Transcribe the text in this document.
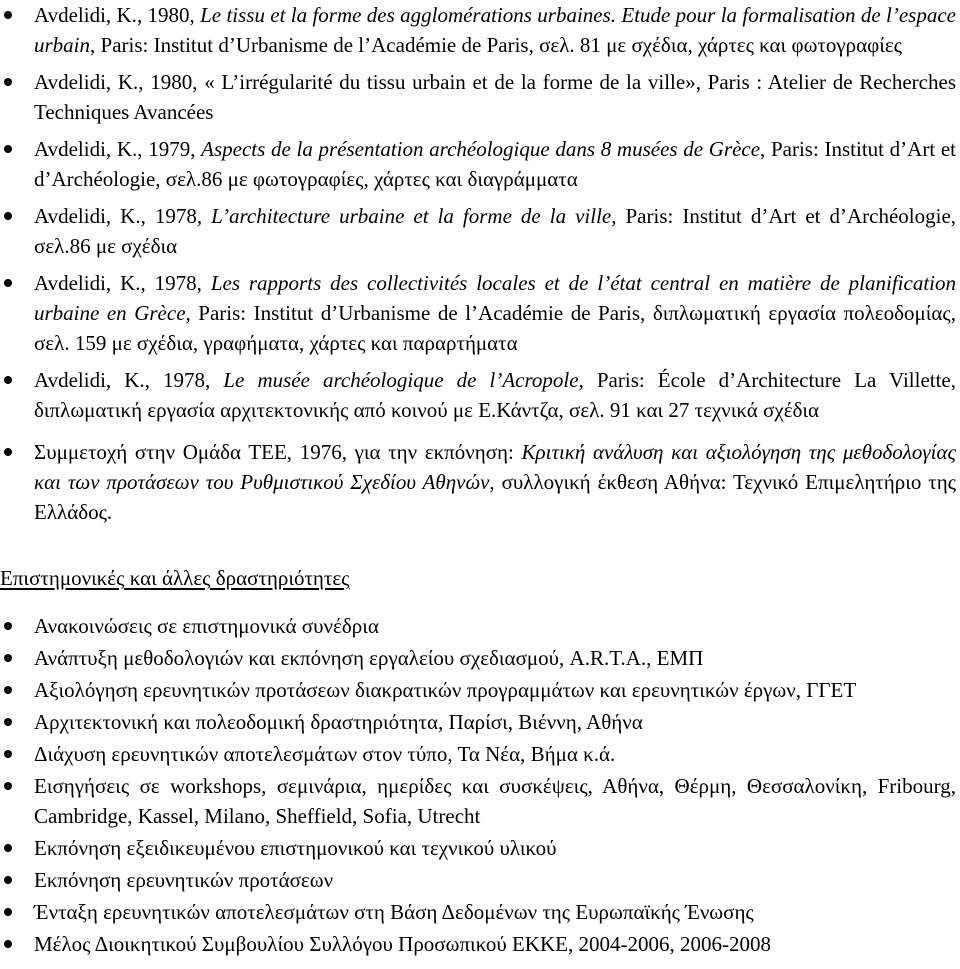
Avdelidi, K., 1980, Le tissu et la forme des agglomérations urbaines. Etude pour la formalisation de l’espace urbain, Paris: Institut d’Urbanisme de l’Académie de Paris, σελ. 81 με σχέδια, χάρτες και φωτογραφίες
Avdelidi, K., 1980, « L’irrégularité du tissu urbain et de la forme de la ville», Paris : Atelier de Recherches Techniques Avancées
Avdelidi, K., 1979, Aspects de la présentation archéologique dans 8 musées de Grèce, Paris: Institut d’Art et d’Archéologie, σελ.86 με φωτογραφίες, χάρτες και διαγράμματα
Avdelidi, K., 1978, L’architecture urbaine et la forme de la ville, Paris: Institut d’Art et d’Archéologie, σελ.86 με σχέδια
Avdelidi, K., 1978, Les rapports des collectivités locales et de l’état central en matière de planification urbaine en Grèce, Paris: Institut d’Urbanisme de l’Académie de Paris, διπλωματική εργασία πολεοδομίας, σελ. 159 με σχέδια, γραφήματα, χάρτες και παραρτήματα
Avdelidi, K., 1978, Le musée archéologique de l’Acropole, Paris: École d’Architecture La Villette, διπλωματική εργασία αρχιτεκτονικής από κοινού με Ε.Κάντζα, σελ. 91 και 27 τεχνικά σχέδια
Συμμετοχή στην Ομάδα ΤΕΕ, 1976, για την εκπόνηση: Κριτική ανάλυση και αξιολόγηση της μεθοδολογίας και των προτάσεων του Ρυθμιστικού Σχεδίου Αθηνών, συλλογική έκθεση Αθήνα: Τεχνικό Επιμελητήριο της Ελλάδος.
Επιστημονικές και άλλες δραστηριότητες
Ανακοινώσεις σε επιστημονικά συνέδρια
Ανάπτυξη μεθοδολογιών και εκπόνηση εργαλείου σχεδιασμού, A.R.T.A., ΕΜΠ
Αξιολόγηση ερευνητικών προτάσεων διακρατικών προγραμμάτων και ερευνητικών έργων, ΓΓΕΤ
Αρχιτεκτονική και πολεοδομική δραστηριότητα, Παρίσι, Βιέννη, Αθήνα
Διάχυση ερευνητικών αποτελεσμάτων στον τύπο, Τα Νέα, Βήμα κ.ά.
Εισηγήσεις σε workshops, σεμινάρια, ημερίδες και συσκέψεις, Αθήνα, Θέρμη, Θεσσαλονίκη, Fribourg, Cambridge, Kassel, Milano, Sheffield, Sofia, Utrecht
Εκπόνηση εξειδικευμένου επιστημονικού και τεχνικού υλικού
Εκπόνηση ερευνητικών προτάσεων
Ένταξη ερευνητικών αποτελεσμάτων στη Βάση Δεδομένων της Ευρωπαϊκής Ένωσης
Μέλος Διοικητικού Συμβουλίου Συλλόγου Προσωπικού ΕΚΚΕ, 2004-2006, 2006-2008
